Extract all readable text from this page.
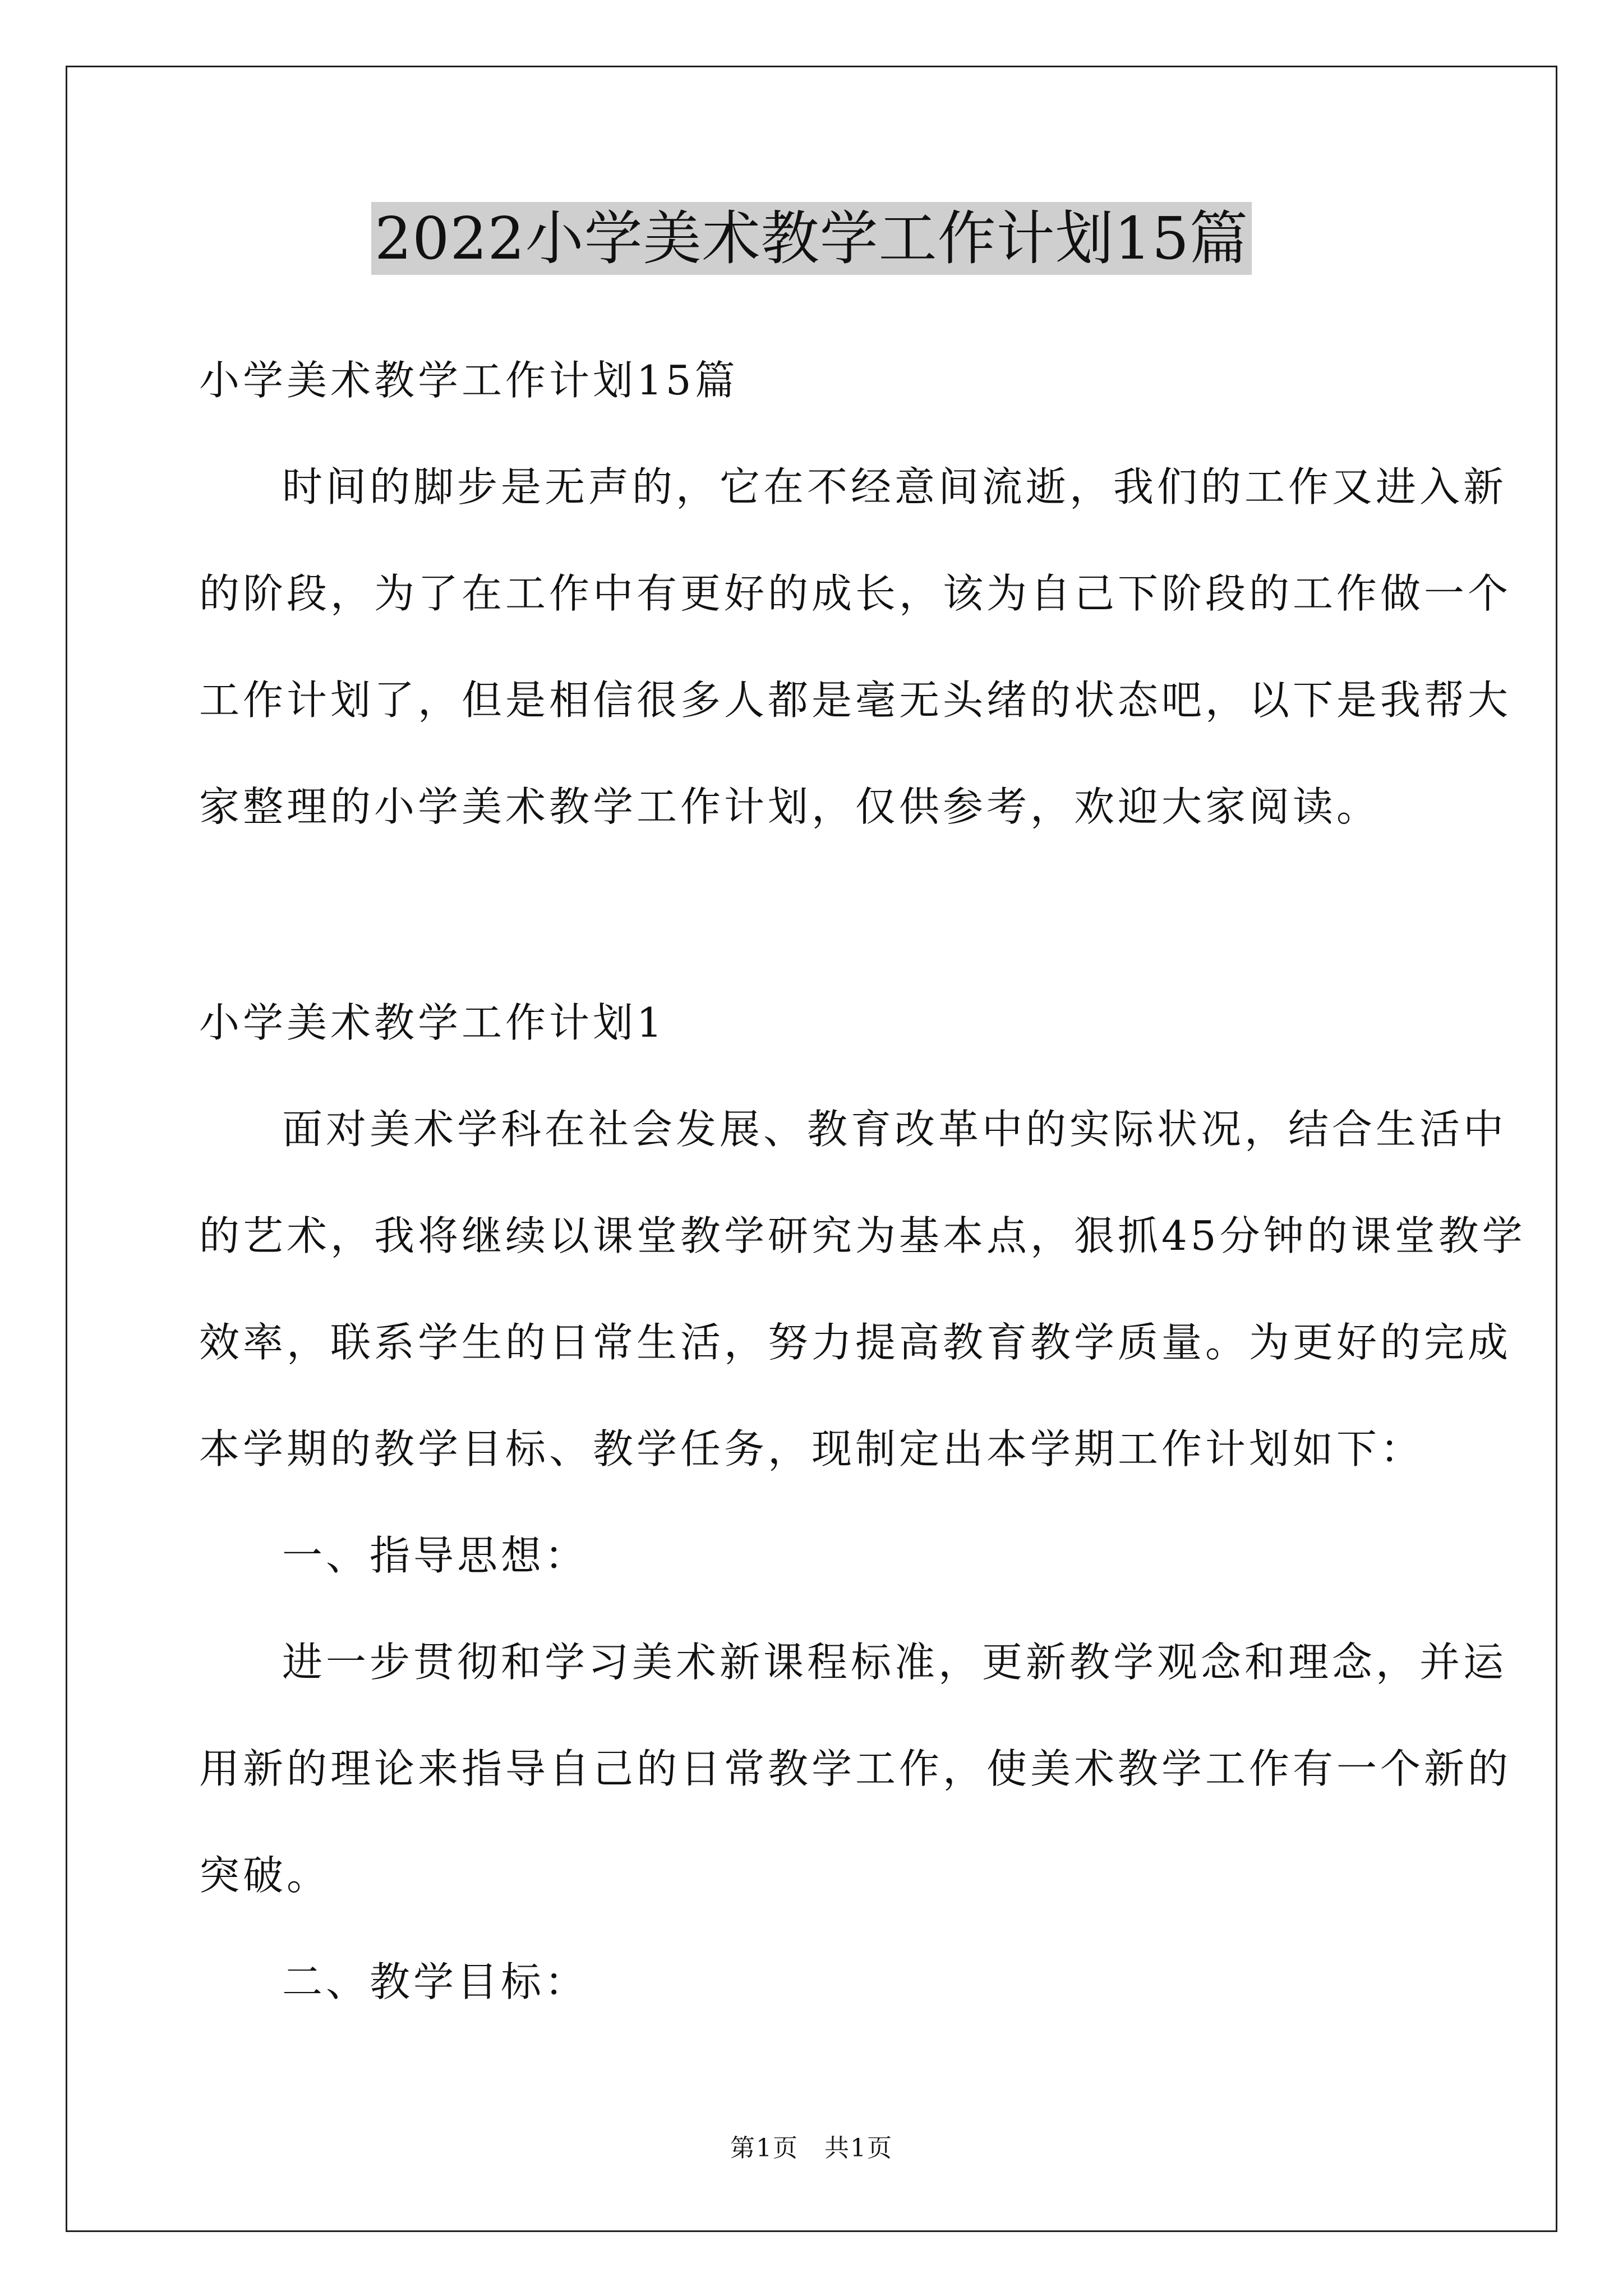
2022小学美术教学工作计划15篇
小学美术教学工作计划15篇
时间的脚步是无声的，它在不经意间流逝，我们的工作又进入新
的阶段，为了在工作中有更好的成长，该为自己下阶段的工作做一个
工作计划了，但是相信很多人都是毫无头绪的状态吧，以下是我帮大
家整理的小学美术教学工作计划，仅供参考，欢迎大家阅读。
小学美术教学工作计划1
面对美术学科在社会发展、教育改革中的实际状况，结合生活中
的艺术，我将继续以课堂教学研究为基本点，狠抓45分钟的课堂教学
效率，联系学生的日常生活，努力提高教育教学质量。为更好的完成
本学期的教学目标、教学任务，现制定出本学期工作计划如下：
一、指导思想：
进一步贯彻和学习美术新课程标准，更新教学观念和理念，并运
用新的理论来指导自己的日常教学工作，使美术教学工作有一个新的
突破。
二、教学目标：
第1页　共1页
